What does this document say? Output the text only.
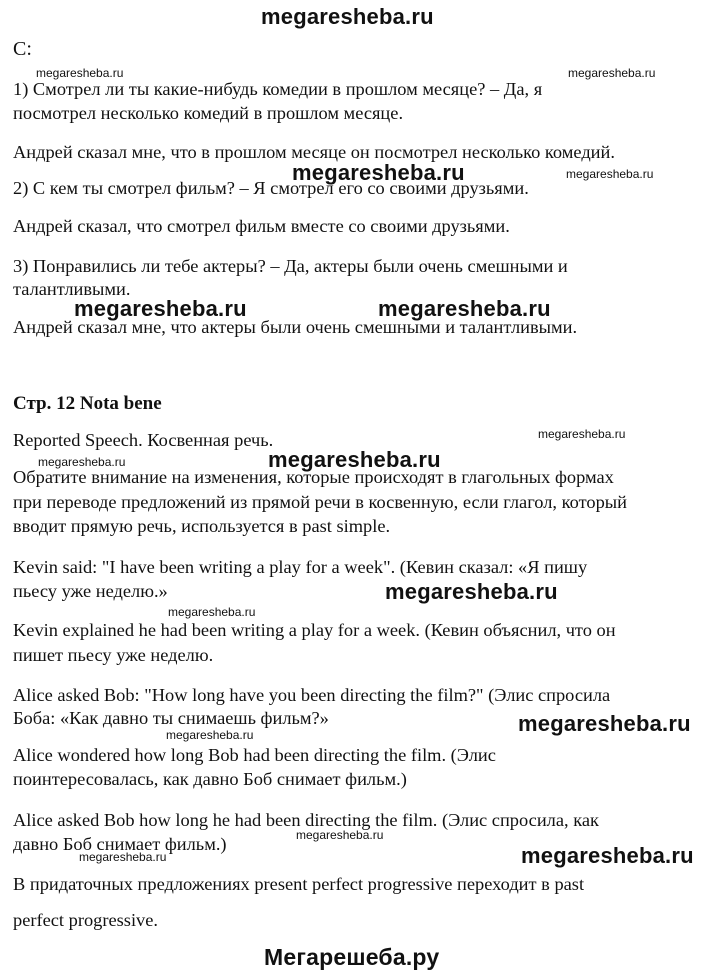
megaresheba.ru
C:
megaresheba.ru	megaresheba.ru
1) Смотрел ли ты какие-нибудь комедии в прошлом месяце? – Да, я
посмотрел несколько комедий в прошлом месяце.
Андрей сказал мне, что в прошлом месяце он посмотрел несколько комедий.
megaresheba.ru	megaresheba.ru
2) С кем ты смотрел фильм? – Я смотрел его со своими друзьями.
Андрей сказал, что смотрел фильм вместе со своими друзьями.
3) Понравились ли тебе актеры? – Да, актеры были очень смешными и
талантливыми.
megaresheba.ru	megaresheba.ru
Андрей сказал мне, что актеры были очень смешными и талантливыми.
Стр. 12 Nota bene
Reported Speech. Косвенная речь.	megaresheba.ru
megaresheba.ru	megaresheba.ru
Обратите внимание на изменения, которые происходят в глагольных формах
при переводе предложений из прямой речи в косвенную, если глагол, который
вводит прямую речь, используется в past simple.
Kevin said: "I have been writing a play for a week". (Кевин сказал: «Я пишу
пьесу уже неделю.»	megaresheba.ru
megaresheba.ru
Kevin explained he had been writing a play for a week. (Кевин объяснил, что он
пишет пьесу уже неделю.
Alice asked Bob: "How long have you been directing the film?" (Элис спросила
Боба: «Как давно ты снимаешь фильм?»	megaresheba.ru
megaresheba.ru
Alice wondered how long Bob had been directing the film. (Элис
поинтересовалась, как давно Боб снимает фильм.)
Alice asked Bob how long he had been directing the film. (Элис спросила, как
megaresheba.ru
давно Боб снимает фильм.)
megaresheba.ru	megaresheba.ru
В придаточных предложениях present perfect progressive переходит в past
perfect progressive.
Мегарешеба.ру
